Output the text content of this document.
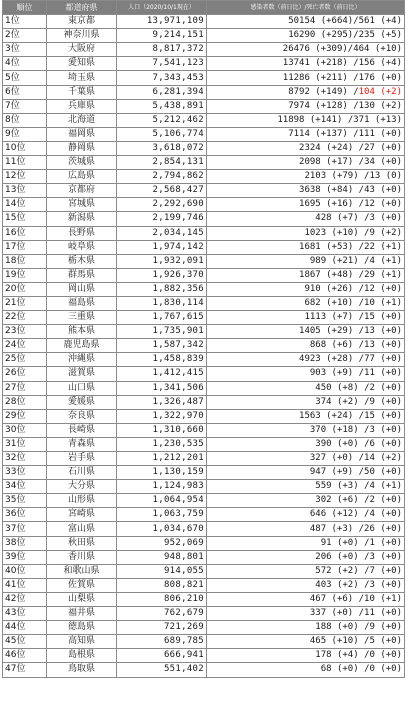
順位	都道府県	人口（2020/10/1現在）	感染者数（前日比）/死亡者数（前日比）
1位	東京都	13,971,109	50154 (+664)/561 (+4)
2位	神奈川県	9,214,151	16290 (+295)/235 (+5)
3位	大阪府	8,817,372	26476 (+309)/464 (+10)
4位	愛知県	7,541,123	13741 (+218) /156 (+4)
5位	埼玉県	7,343,453	11286 (+211) /176 (+0)
6位	千葉県	6,281,394	8792 (+149) /104 (+2)
7位	兵庫県	5,438,891	7974 (+128) /130 (+2)
8位	北海道	5,212,462	11898 (+141) /371 (+13)
9位	福岡県	5,106,774	7114 (+137) /111 (+0)
10位	静岡県	3,618,072	2324 (+24) /27 (+0)
11位	茨城県	2,854,131	2098 (+17) /34 (+0)
12位	広島県	2,794,862	2103 (+79) /13 (0)
13位	京都府	2,568,427	3638 (+84) /43 (+0)
14位	宮城県	2,292,690	1695 (+16) /12 (+0)
15位	新潟県	2,199,746	428 (+7) /3 (+0)
16位	長野県	2,034,145	1023 (+10) /9 (+2)
17位	岐阜県	1,974,142	1681 (+53) /22 (+1)
18位	栃木県	1,932,091	989 (+21) /4 (+1)
19位	群馬県	1,926,370	1867 (+48) /29 (+1)
20位	岡山県	1,882,356	910 (+26) /12 (+0)
21位	福島県	1,830,114	682 (+10) /10 (+1)
22位	三重県	1,767,615	1113 (+7) /15 (+0)
23位	熊本県	1,735,901	1405 (+29) /13 (+0)
24位	鹿児島県	1,587,342	868 (+6) /13 (+0)
25位	沖縄県	1,458,839	4923 (+28) /77 (+0)
26位	滋賀県	1,412,415	903 (+9) /11 (+0)
27位	山口県	1,341,506	450 (+8) /2 (+0)
28位	愛媛県	1,326,487	374 (+2) /9 (+0)
29位	奈良県	1,322,970	1563 (+24) /15 (+0)
30位	長崎県	1,310,660	370 (+18) /3 (+0)
31位	青森県	1,230,535	390 (+0) /6 (+0)
32位	岩手県	1,212,201	327 (+0) /14 (+2)
33位	石川県	1,130,159	947 (+9) /50 (+0)
34位	大分県	1,124,983	559 (+3) /4 (+1)
35位	山形県	1,064,954	302 (+6) /2 (+0)
36位	宮崎県	1,063,759	646 (+12) /4 (+0)
37位	富山県	1,034,670	487 (+3) /26 (+0)
38位	秋田県	952,069	91 (+0) /1 (+0)
39位	香川県	948,801	206 (+0) /3 (+0)
40位	和歌山県	914,055	572 (+2) /7 (+0)
41位	佐賀県	808,821	403 (+2) /3 (+0)
42位	山梨県	806,210	467 (+6) /10 (+1)
43位	福井県	762,679	337 (+0) /11 (+0)
44位	徳島県	721,269	188 (+0) /9 (+0)
45位	高知県	689,785	465 (+10) /5 (+0)
46位	島根県	666,941	178 (+4) /0 (+0)
47位	鳥取県	551,402	68 (+0) /0 (+0)
